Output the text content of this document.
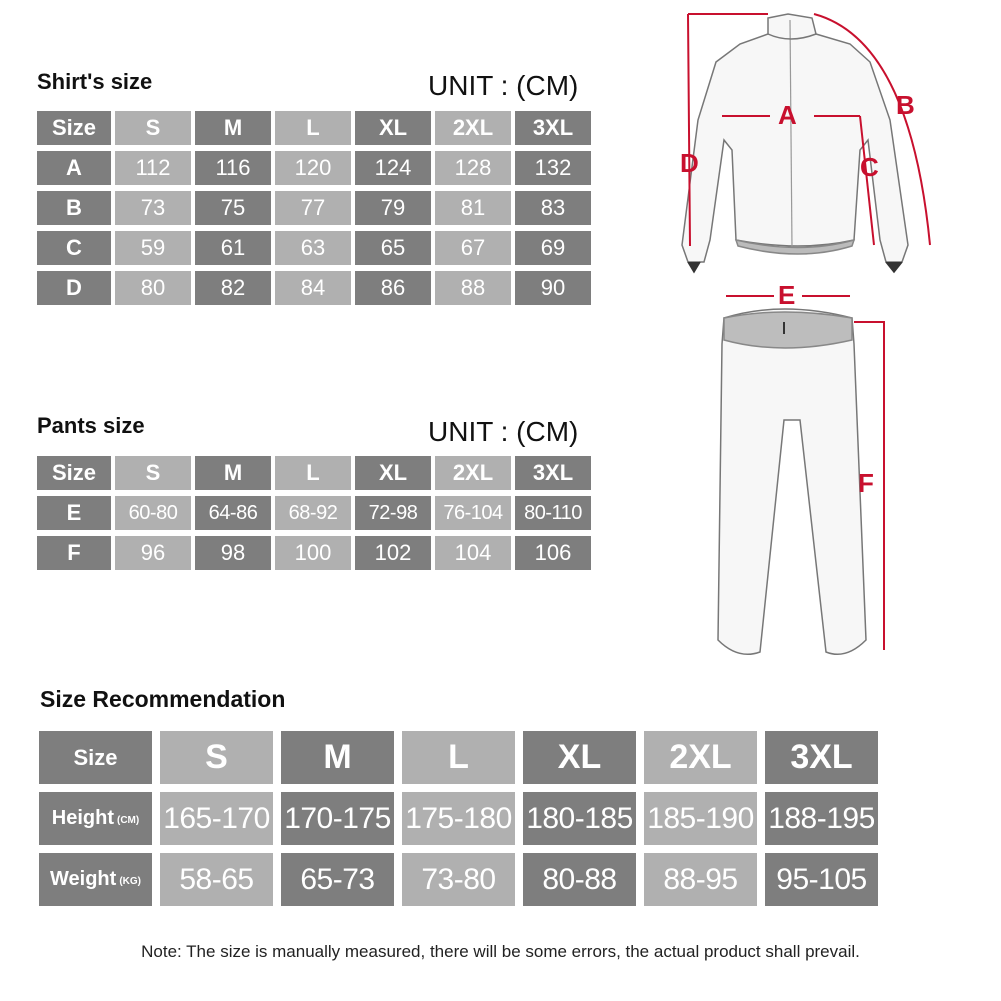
Shirt's size	UNIT : (CM)
Size	S	M	L	XL	2XL	3XL
A	112	116	120	124	128	132
B	73	75	77	79	81	83
C	59	61	63	65	67	69
D	80	82	84	86	88	90
Pants size	UNIT : (CM)
Size	S	M	L	XL	2XL	3XL
E	60-80	64-86	68-92	72-98	76-104	80-110
F	96	98	100	102	104	106
Size Recommendation
Size	S	M	L	XL	2XL	3XL
Height (CM) 165-170 170-175 175-180 180-185 185-190 188-195
Weight (KG)	58-65	65-73	73-80	80-88	88-95	95-105
A	B
C
D
E
F
Note: The size is manually measured, there will be some errors, the actual product shall prevail.
